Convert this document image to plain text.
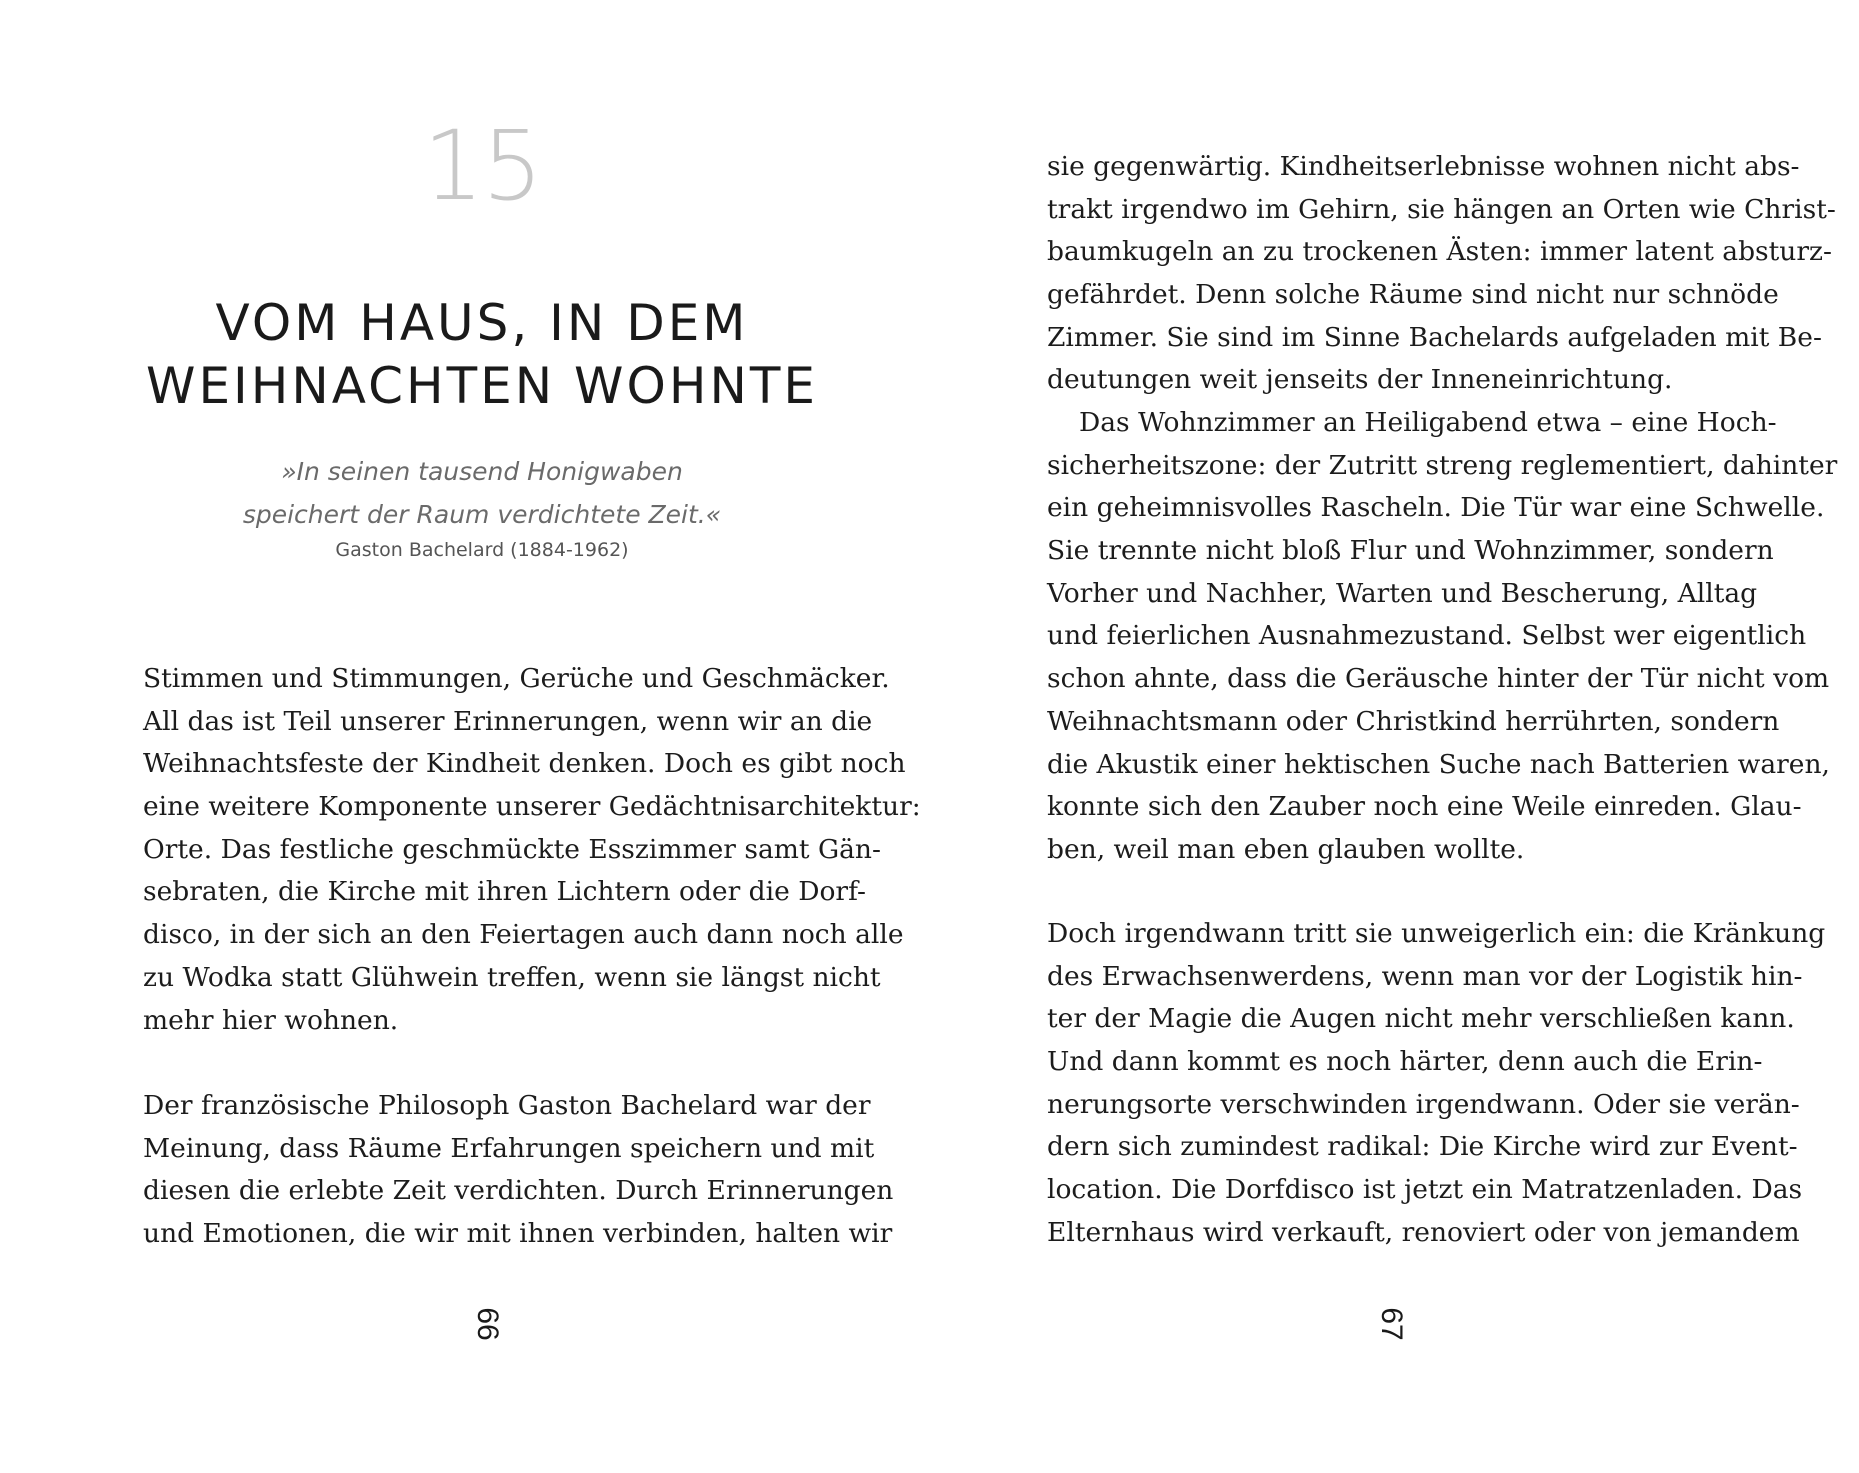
15
VOM HAUS, IN DEM
WEIHNACHTEN WOHNTE
»In seinen tausend Honigwaben
speichert der Raum verdichtete Zeit.«
Gaston Bachelard (1884-1962)
Stimmen und Stimmungen, Gerüche und Geschmäcker.
All das ist Teil unserer Erinnerungen, wenn wir an die
Weihnachtsfeste der Kindheit denken. Doch es gibt noch
eine weitere Komponente unserer Gedächtnisarchitektur:
Orte. Das festliche geschmückte Esszimmer samt Gän-
sebraten, die Kirche mit ihren Lichtern oder die Dorf-
disco, in der sich an den Feiertagen auch dann noch alle
zu Wodka statt Glühwein treffen, wenn sie längst nicht
mehr hier wohnen.
Der französische Philosoph Gaston Bachelard war der
Meinung, dass Räume Erfahrungen speichern und mit
diesen die erlebte Zeit verdichten. Durch Erinnerungen
und Emotionen, die wir mit ihnen verbinden, halten wir
66
sie gegenwärtig. Kindheitserlebnisse wohnen nicht abs-
trakt irgendwo im Gehirn, sie hängen an Orten wie Christ-
baumkugeln an zu trockenen Ästen: immer latent absturz-
gefährdet. Denn solche Räume sind nicht nur schnöde
Zimmer. Sie sind im Sinne Bachelards aufgeladen mit Be-
deutungen weit jenseits der Inneneinrichtung.
Das Wohnzimmer an Heiligabend etwa – eine Hoch-
sicherheitszone: der Zutritt streng reglementiert, dahinter
ein geheimnisvolles Rascheln. Die Tür war eine Schwelle.
Sie trennte nicht bloß Flur und Wohnzimmer, sondern
Vorher und Nachher, Warten und Bescherung, Alltag
und feierlichen Ausnahmezustand. Selbst wer eigentlich
schon ahnte, dass die Geräusche hinter der Tür nicht vom
Weihnachtsmann oder Christkind herrührten, sondern
die Akustik einer hektischen Suche nach Batterien waren,
konnte sich den Zauber noch eine Weile einreden. Glau-
ben, weil man eben glauben wollte.
Doch irgendwann tritt sie unweigerlich ein: die Kränkung
des Erwachsenwerdens, wenn man vor der Logistik hin-
ter der Magie die Augen nicht mehr verschließen kann.
Und dann kommt es noch härter, denn auch die Erin-
nerungsorte verschwinden irgendwann. Oder sie verän-
dern sich zumindest radikal: Die Kirche wird zur Event-
location. Die Dorfdisco ist jetzt ein Matratzenladen. Das
Elternhaus wird verkauft, renoviert oder von jemandem
67
